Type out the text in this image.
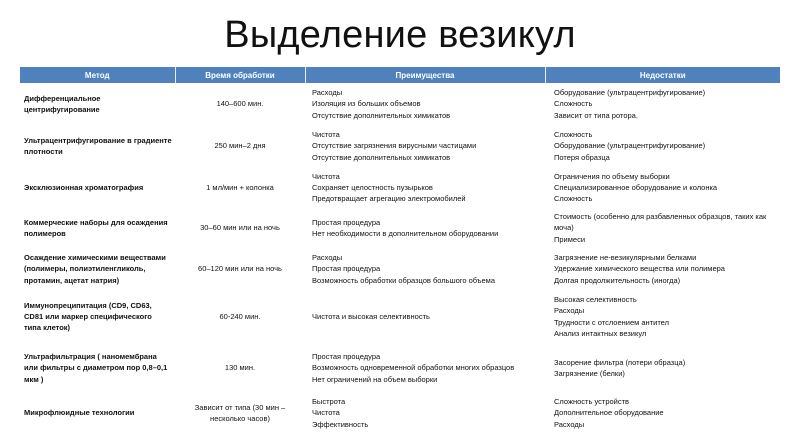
Выделение везикул
Метод	Время обработки	Преимущества	Недостатки

Дифференциальное центрифугирование	140–600 мин.	Расходы
Изоляция из больших объемов
Отсутствие дополнительных химикатов	Оборудование (ультрацентрифугирование)
Сложность
Зависит от типа ротора.

Ультрацентрифугирование в градиенте плотности	250 мин–2 дня	Чистота
Отсутствие загрязнения вирусными частицами
Отсутствие дополнительных химикатов	Сложность
Оборудование (ультрацентрифугирование)
Потеря образца

Эксклюзионная хроматография	1 мл/мин + колонка	Чистота
Сохраняет целостность пузырьков
Предотвращает агрегацию электромобилей	Ограничения по объему выборки
Специализированное оборудование и колонка
Сложность

Коммерческие наборы для осаждения полимеров	30–60 мин или на ночь	Простая процедура
Нет необходимости в дополнительном оборудовании	Стоимость (особенно для разбавленных образцов, таких как моча)
Примеси

Осаждение химическими веществами (полимеры, полиэтиленгликоль, протамин, ацетат натрия)	60–120 мин или на ночь	Расходы
Простая процедура
Возможность обработки образцов большого объема	Загрязнение не-везикулярными белками
Удержание химического вещества или полимера
Долгая продолжительность (иногда)

Иммунопреципитация (CD9, CD63, CD81 или маркер специфического типа клеток)	60-240 мин.	Чистота и высокая селективность	Высокая селективность
Расходы
Трудности с отслоением антител
Анализ интактных везикул

Ультрафильтрация ( наномембрана или фильтры с диаметром пор 0,8–0,1 мкм )	130 мин.	Простая процедура
Возможность одновременной обработки многих образцов
Нет ограничений на объем выборки	Засорение фильтра (потери образца)
Загрязнение (белки)

Микрофлюидные технологии	Зависит от типа (30 мин – несколько часов)	Быстрота
Чистота
Эффективность	Сложность устройств
Дополнительное оборудование
Расходы
